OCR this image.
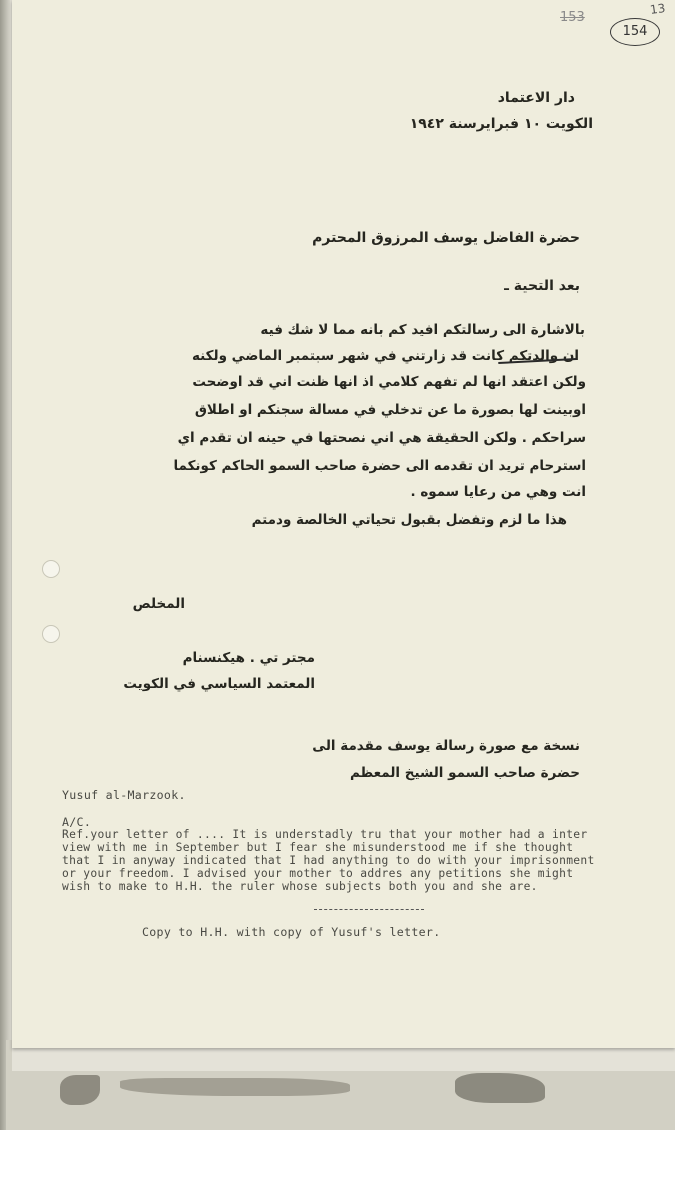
13
153
154
دار الاعتماد
الكويت ١٠ فبرايرسنة ١٩٤٢
حضرة الفاضل يوسف المرزوق المحترم
بعد التحية ـ
بالاشارة الى رسالتكم افيد كم بانه مما لا شك فيه
ان والدتكم كانت قد زارتني في شهر سبتمبر الماضي ولكنه
ولكن اعتقد انها لم تفهم كلامي اذ انها ظنت اني قد اوضحت
اوبينت لها بصورة ما عن تدخلي في مسالة سجنكم او اطلاق
سراحكم . ولكن الحقيقة هي اني نصحتها في حينه ان تقدم اي
استرحام تريد ان تقدمه الى حضرة صاحب السمو الحاكم كونكما
انت وهي من رعايا سموه .
هذا ما لزم وتفضل بقبول تحياتي الخالصة ودمتم
المخلص
مجتر تي . هيكنسنام
المعتمد السياسي في الكويت
نسخة مع صورة رسالة يوسف مقدمة الى
حضرة صاحب السمو الشيخ المعظم
Yusuf al-Marzook.
A/C.
Ref.your letter of .... It is understadly tru that your mother had a inter
view with me in September but I fear she misunderstood me if she thought
that I in anyway indicated that I had anything to do with your imprisonment
or your freedom. I advised your mother to addres any petitions she might
wish to make to H.H. the ruler whose subjects both you and she are.
Copy to H.H. with copy of Yusuf's letter.
